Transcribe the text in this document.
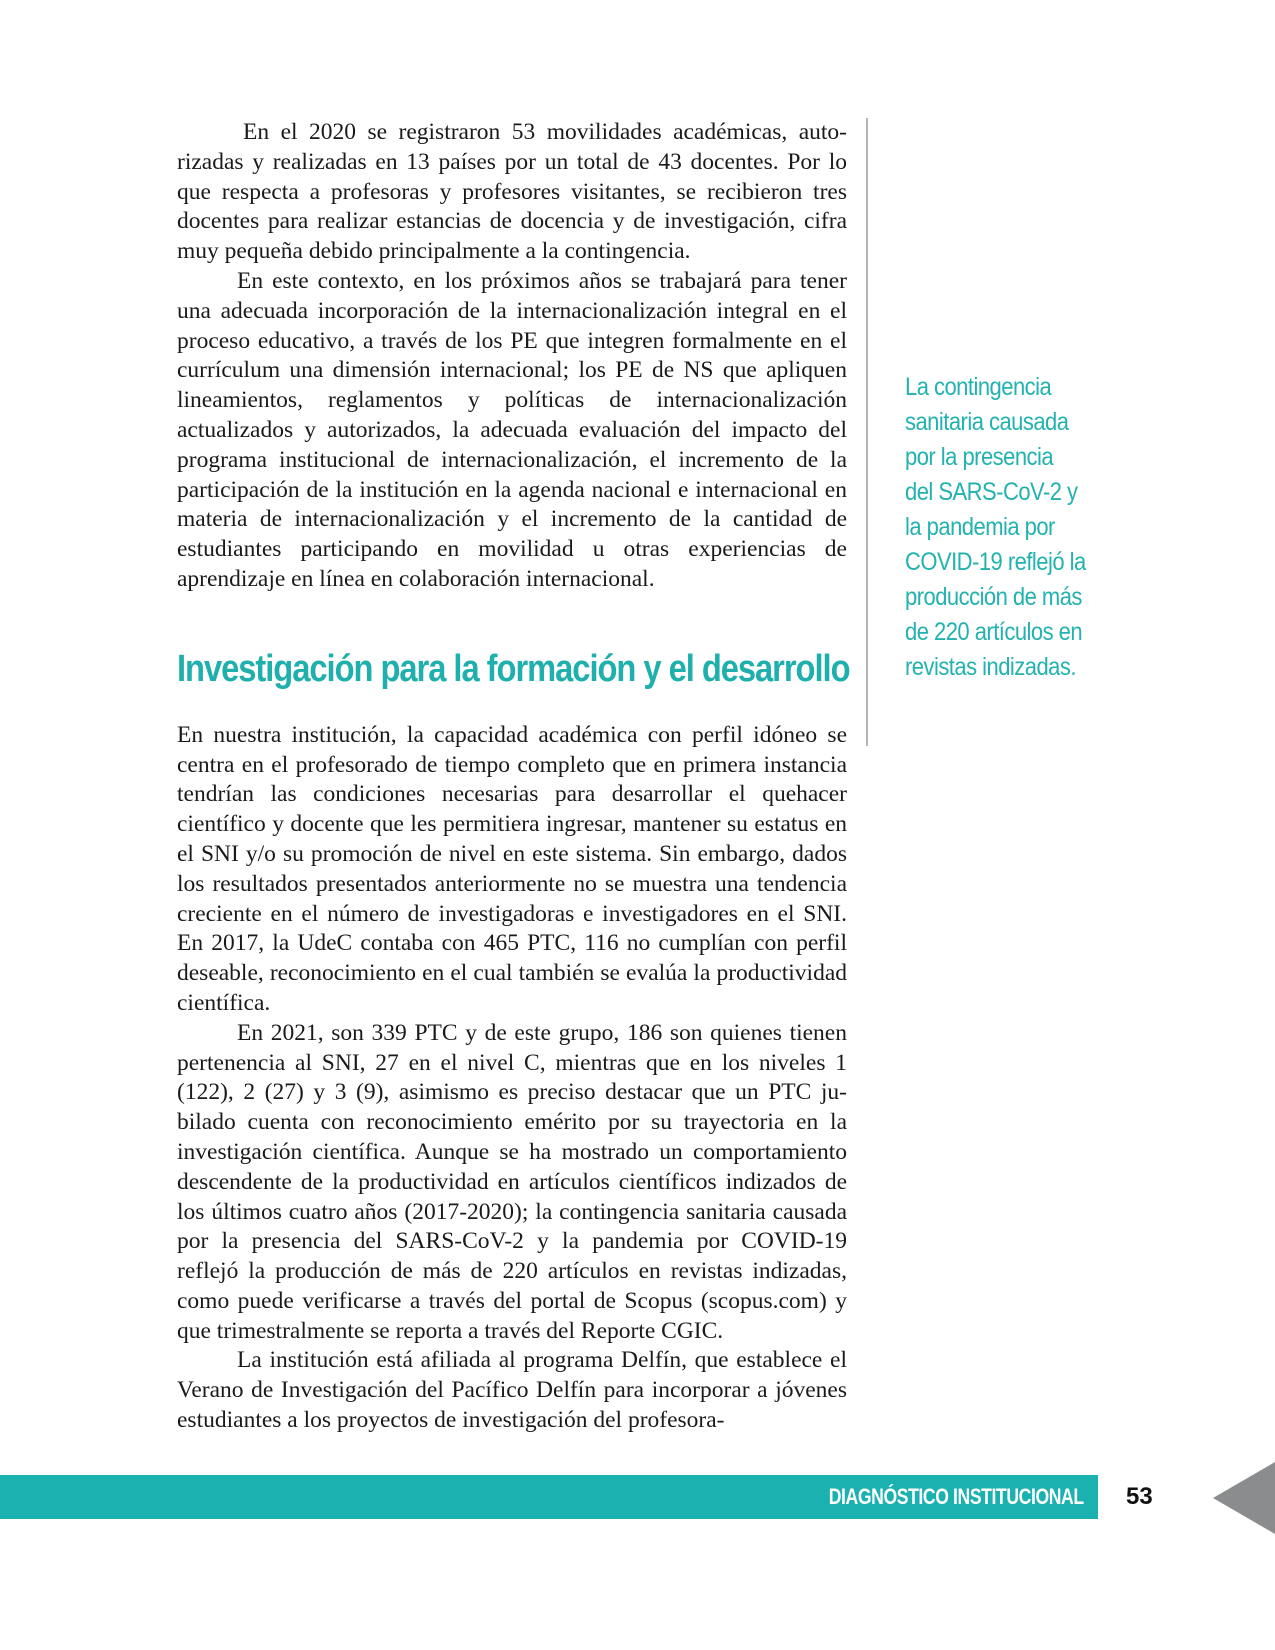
En el 2020 se registraron 53 movilidades académicas, autorizadas y realizadas en 13 países por un total de 43 docentes. Por lo que respecta a profesoras y profesores visitantes, se recibieron tres docentes para realizar estancias de docencia y de investigación, cifra muy pequeña debido principalmente a la contingencia.

En este contexto, en los próximos años se trabajará para tener una adecuada incorporación de la internacionalización integral en el proceso educativo, a través de los PE que integren formalmente en el currículum una dimensión internacional; los PE de NS que apliquen lineamientos, reglamentos y políticas de internacionalización actualizados y autorizados, la adecuada evaluación del impacto del programa institucional de internacionalización, el incremento de la participación de la institución en la agenda nacional e internacional en materia de internacionalización y el incremento de la cantidad de estudiantes participando en movilidad u otras experiencias de aprendizaje en línea en colaboración internacional.

Investigación para la formación y el desarrollo

En nuestra institución, la capacidad académica con perfil idóneo se centra en el profesorado de tiempo completo que en primera instancia tendrían las condiciones necesarias para desarrollar el quehacer científico y docente que les permitiera ingresar, mantener su estatus en el SNI y/o su promoción de nivel en este sistema. Sin embargo, dados los resultados presentados anteriormente no se muestra una tendencia creciente en el número de investigadoras e investigadores en el SNI. En 2017, la UdeC contaba con 465 PTC, 116 no cumplían con perfil deseable, reconocimiento en el cual también se evalúa la productividad científica.

En 2021, son 339 PTC y de este grupo, 186 son quienes tienen pertenencia al SNI, 27 en el nivel C, mientras que en los niveles 1 (122), 2 (27) y 3 (9), asimismo es preciso destacar que un PTC jubilado cuenta con reconocimiento emérito por su trayectoria en la investigación científica. Aunque se ha mostrado un comportamiento descendente de la productividad en artículos científicos indizados de los últimos cuatro años (2017-2020); la contingencia sanitaria causada por la presencia del SARS-CoV-2 y la pandemia por COVID-19 reflejó la producción de más de 220 artículos en revistas indizadas, como puede verificarse a través del portal de Scopus (scopus.com) y que trimestralmente se reporta a través del Reporte CGIC.

La institución está afiliada al programa Delfín, que establece el Verano de Investigación del Pacífico Delfín para incorporar a jóvenes estudiantes a los proyectos de investigación del profesora-

La contingencia
sanitaria causada
por la presencia
del SARS-CoV-2 y
la pandemia por
COVID-19 reflejó la
producción de más
de 220 artículos en
revistas indizadas.
DIAGNÓSTICO INSTITUCIONAL 53
